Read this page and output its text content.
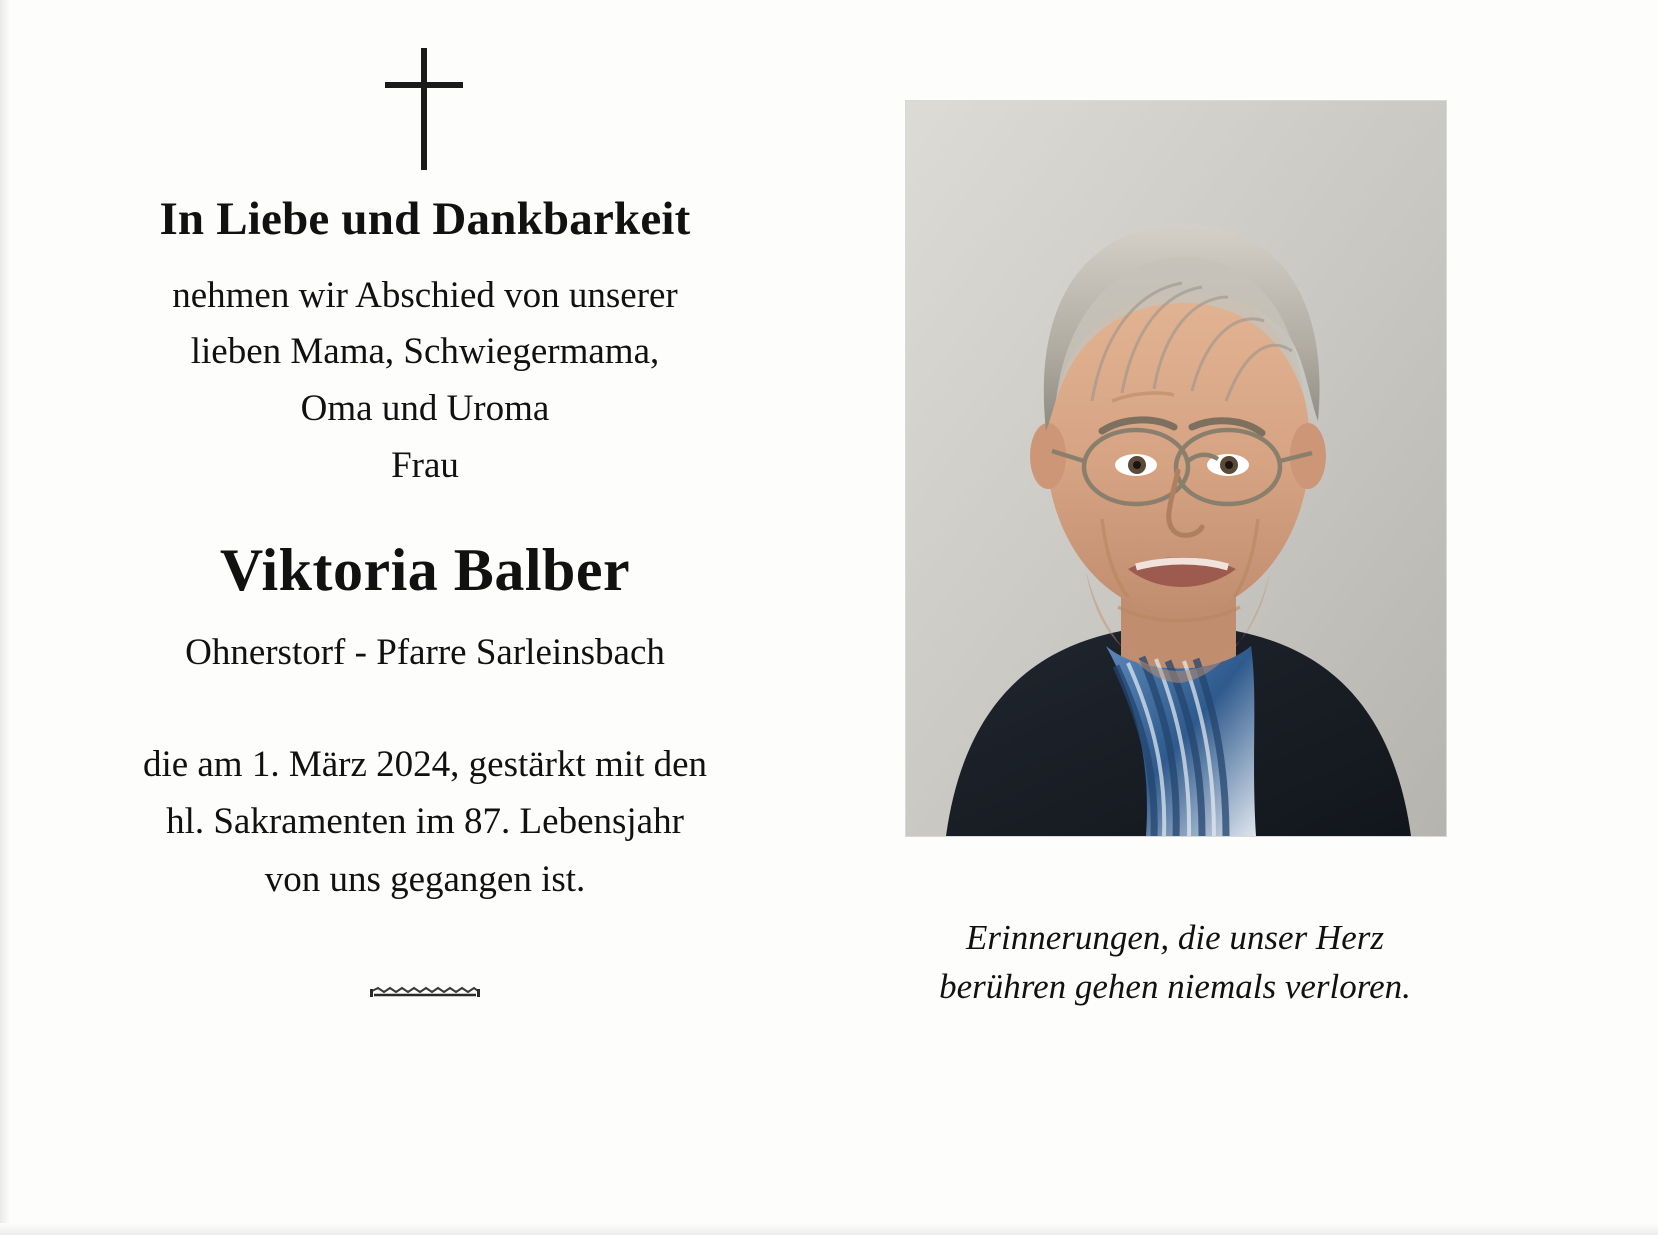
In Liebe und Dankbarkeit
nehmen wir Abschied von unserer
lieben Mama, Schwiegermama,
Oma und Uroma
Frau
Viktoria Balber
Ohnerstorf - Pfarre Sarleinsbach
die am 1. März 2024, gestärkt mit den
hl. Sakramenten im 87. Lebensjahr
von uns gegangen ist.
Erinnerungen, die unser Herz
berühren gehen niemals verloren.
